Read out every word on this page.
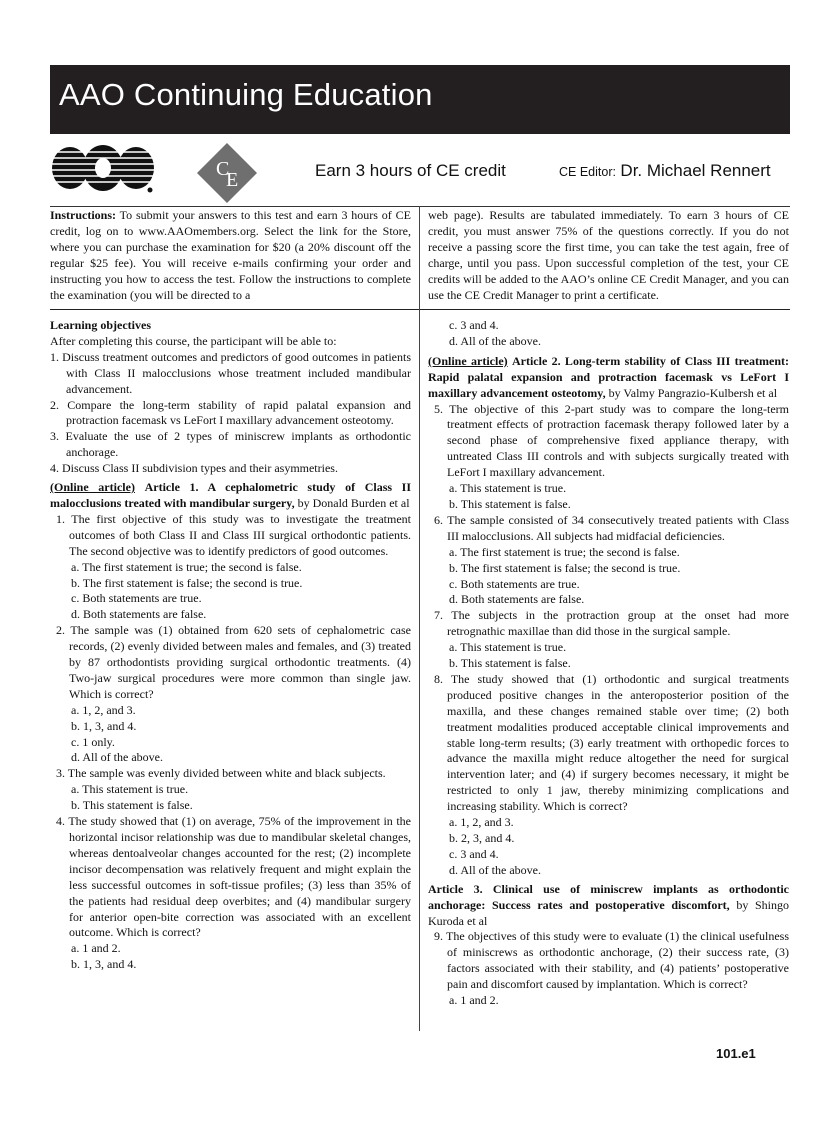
AAO Continuing Education
C
E	Earn 3 hours of CE credit	CE Editor: Dr. Michael Rennert
Instructions: To submit your answers to this test and earn 3 hours of CE credit, log on to www.AAOmembers.org. Select the link for the Store, where you can purchase the examination for $20 (a 20% discount off the regular $25 fee). You will receive e-mails confirming your order and instructing you how to access the test. Follow the instructions to complete the examination (you will be directed to a
web page). Results are tabulated immediately. To earn 3 hours of CE credit, you must answer 75% of the questions correctly. If you do not receive a passing score the first time, you can take the test again, free of charge, until you pass. Upon successful completion of the test, your CE credits will be added to the AAO’s online CE Credit Manager, and you can use the CE Credit Manager to print a certificate.

Learning objectives

After completing this course, the participant will be able to:

1. Discuss treatment outcomes and predictors of good outcomes in patients with Class II malocclusions whose treatment included mandibular advancement.

2. Compare the long-term stability of rapid palatal expansion and protraction facemask vs LeFort I maxillary advancement osteotomy.

3. Evaluate the use of 2 types of miniscrew implants as orthodontic anchorage.

4. Discuss Class II subdivision types and their asymmetries.

(Online article) Article 1. A cephalometric study of Class II malocclusions treated with mandibular surgery, by Donald Burden et al

1. The first objective of this study was to investigate the treatment outcomes of both Class II and Class III surgical orthodontic patients. The second objective was to identify predictors of good outcomes.

a. The first statement is true; the second is false.

b. The first statement is false; the second is true.

c. Both statements are true.

d. Both statements are false.

2. The sample was (1) obtained from 620 sets of cephalometric case records, (2) evenly divided between males and females, and (3) treated by 87 orthodontists providing surgical orthodontic treatments. (4) Two-jaw surgical procedures were more common than single jaw. Which is correct?

a. 1, 2, and 3.

b. 1, 3, and 4.

c. 1 only.

d. All of the above.

3. The sample was evenly divided between white and black subjects.

a. This statement is true.

b. This statement is false.

4. The study showed that (1) on average, 75% of the improvement in the horizontal incisor relationship was due to mandibular skeletal changes, whereas dentoalveolar changes accounted for the rest; (2) incomplete incisor decompensation was relatively frequent and might explain the less successful outcomes in soft-tissue profiles; (3) less than 35% of the patients had residual deep overbites; and (4) mandibular surgery for anterior open-bite correction was associated with an excellent outcome. Which is correct?

a. 1 and 2.

b. 1, 3, and 4.

c. 3 and 4.

d. All of the above.

(Online article) Article 2. Long-term stability of Class III treatment: Rapid palatal expansion and protraction facemask vs LeFort I maxillary advancement osteotomy, by Valmy Pangrazio-Kulbersh et al

5. The objective of this 2-part study was to compare the long-term treatment effects of protraction facemask therapy followed later by a second phase of comprehensive fixed appliance therapy, with untreated Class III controls and with subjects surgically treated with LeFort I maxillary advancement.

a. This statement is true.

b. This statement is false.

6. The sample consisted of 34 consecutively treated patients with Class III malocclusions. All subjects had midfacial deficiencies.

a. The first statement is true; the second is false.

b. The first statement is false; the second is true.

c. Both statements are true.

d. Both statements are false.

7. The subjects in the protraction group at the onset had more retrognathic maxillae than did those in the surgical sample.

a. This statement is true.

b. This statement is false.

8. The study showed that (1) orthodontic and surgical treatments produced positive changes in the anteroposterior position of the maxilla, and these changes remained stable over time; (2) both treatment modalities produced acceptable clinical improvements and stable long-term results; (3) early treatment with orthopedic forces to advance the maxilla might reduce altogether the need for surgical intervention later; and (4) if surgery becomes necessary, it might be restricted to only 1 jaw, thereby minimizing complications and increasing stability. Which is correct?

a. 1, 2, and 3.

b. 2, 3, and 4.

c. 3 and 4.

d. All of the above.

Article 3. Clinical use of miniscrew implants as orthodontic anchorage: Success rates and postoperative discomfort, by Shingo Kuroda et al

9. The objectives of this study were to evaluate (1) the clinical usefulness of miniscrews as orthodontic anchorage, (2) their success rate, (3) factors associated with their stability, and (4) patients’ postoperative pain and discomfort caused by implantation. Which is correct?

a. 1 and 2.

101.e1
